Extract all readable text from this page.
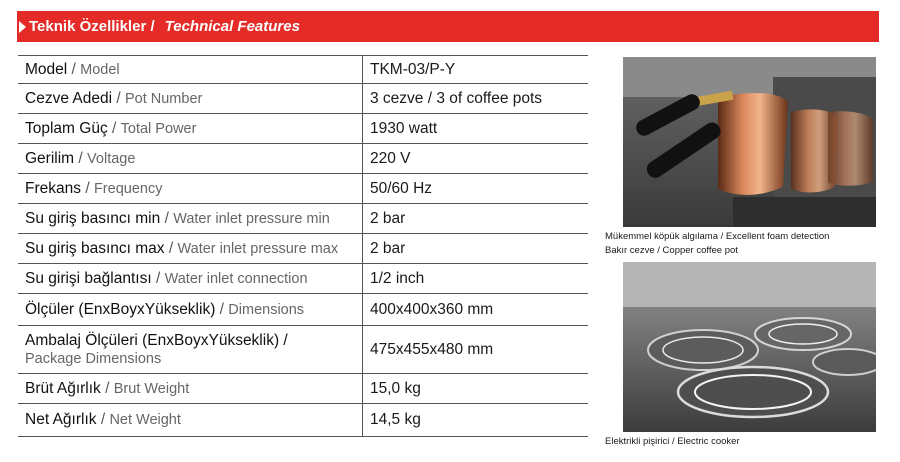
Teknik Özellikler / Technical Features
Model / Model	TKM-03/P-Y
Cezve Adedi / Pot Number	3 cezve / 3 of coffee pots
Toplam Güç / Total Power	1930 watt
Gerilim / Voltage	220 V
Frekans / Frequency	50/60 Hz
Su giriş basıncı min / Water inlet pressure min	2 bar
Su giriş basıncı max / Water inlet pressure max	2 bar
Su girişi bağlantısı / Water inlet connection	1/2 inch
Ölçüler (EnxBoyxYükseklik) / Dimensions	400x400x360 mm
Ambalaj Ölçüleri (EnxBoyxYükseklik) /
Package Dimensions	475x455x480 mm
Brüt Ağırlık / Brut Weight	15,0 kg
Net Ağırlık / Net Weight	14,5 kg
Mükemmel köpük algılama / Excellent foam detection
Bakır cezve / Copper coffee pot
Elektrikli pişirici / Electric cooker
